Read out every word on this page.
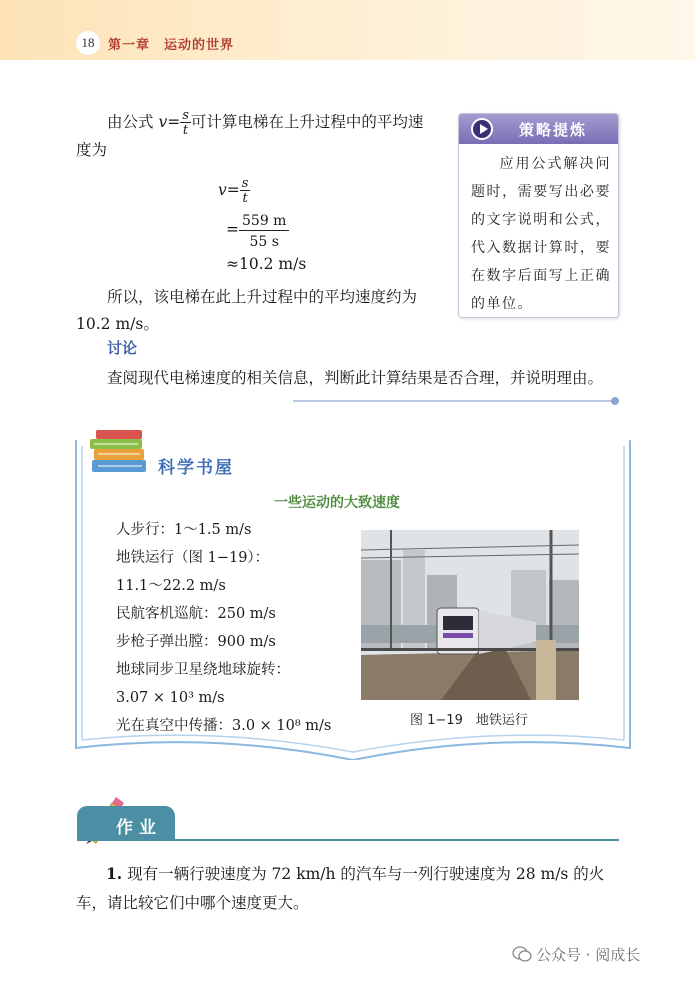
18	第一章　运动的世界
由公式 $v= \frac{s}{t}$ 可计算电梯在上升过程中的平均速
度为
$v= \frac{s}{t}$
= $\frac{559 m}{55 s}$
≈10.2 m/s
所以，该电梯在此上升过程中的平均速度约为
10.2 m/s。
策略提炼
应用公式解决问题时，需要写出必要的文字说明和公式，代入数据计算时，要在数字后面写上正确的单位。
讨论
查阅现代电梯速度的相关信息，判断此计算结果是否合理，并说明理由。
科学书屋
一些运动的大致速度
人步行：1～1.5 m/s
地铁运行（图 1−19）：
11.1～22.2 m/s
民航客机巡航：250 m/s
步枪子弹出膛：900 m/s
地球同步卫星绕地球旋转：
3.07 × 10³ m/s
光在真空中传播：3.0 × 10⁸ m/s	图 1−19　地铁运行
作业
1. 现有一辆行驶速度为 72 km/h 的汽车与一列行驶速度为 28 m/s 的火车，请比较它们中哪个速度更大。
公众号 · 阅成长
